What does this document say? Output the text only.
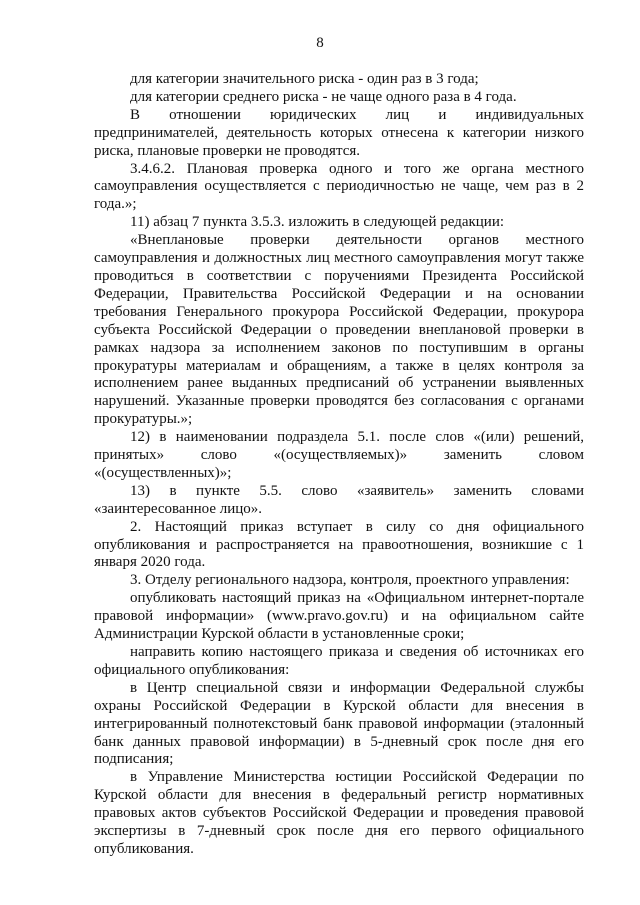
8

для категории значительного риска - один раз в 3 года;

для категории среднего риска - не чаще одного раза в 4 года.

В отношении юридических лиц и индивидуальных предпринимателей, деятельность которых отнесена к категории низкого риска, плановые проверки не проводятся.

3.4.6.2. Плановая проверка одного и того же органа местного самоуправления осуществляется с периодичностью не чаще, чем раз в 2 года.»;

11) абзац 7 пункта 3.5.3. изложить в следующей редакции:

«Внеплановые проверки деятельности органов местного самоуправления и должностных лиц местного самоуправления могут также проводиться в соответствии с поручениями Президента Российской Федерации, Правительства Российской Федерации и на основании требования Генерального прокурора Российской Федерации, прокурора субъекта Российской Федерации о проведении внеплановой проверки в рамках надзора за исполнением законов по поступившим в органы прокуратуры материалам и обращениям, а также в целях контроля за исполнением ранее выданных предписаний об устранении выявленных нарушений. Указанные проверки проводятся без согласования с органами прокуратуры.»;

12) в наименовании подраздела 5.1. после слов «(или) решений, принятых» слово «(осуществляемых)» заменить словом «(осуществленных)»;

13) в пункте 5.5. слово «заявитель» заменить словами «заинтересованное лицо».

2. Настоящий приказ вступает в силу со дня официального опубликования и распространяется на правоотношения, возникшие с 1 января 2020 года.

3. Отделу регионального надзора, контроля, проектного управления:

опубликовать настоящий приказ на «Официальном интернет-портале правовой информации» (www.pravo.gov.ru) и на официальном сайте Администрации Курской области в установленные сроки;

направить копию настоящего приказа и сведения об источниках его официального опубликования:

в Центр специальной связи и информации Федеральной службы охраны Российской Федерации в Курской области для внесения в интегрированный полнотекстовый банк правовой информации (эталонный банк данных правовой информации) в 5-дневный срок после дня его подписания;

в Управление Министерства юстиции Российской Федерации по Курской области для внесения в федеральный регистр нормативных правовых актов субъектов Российской Федерации и проведения правовой экспертизы в 7-дневный срок после дня его первого официального опубликования.
